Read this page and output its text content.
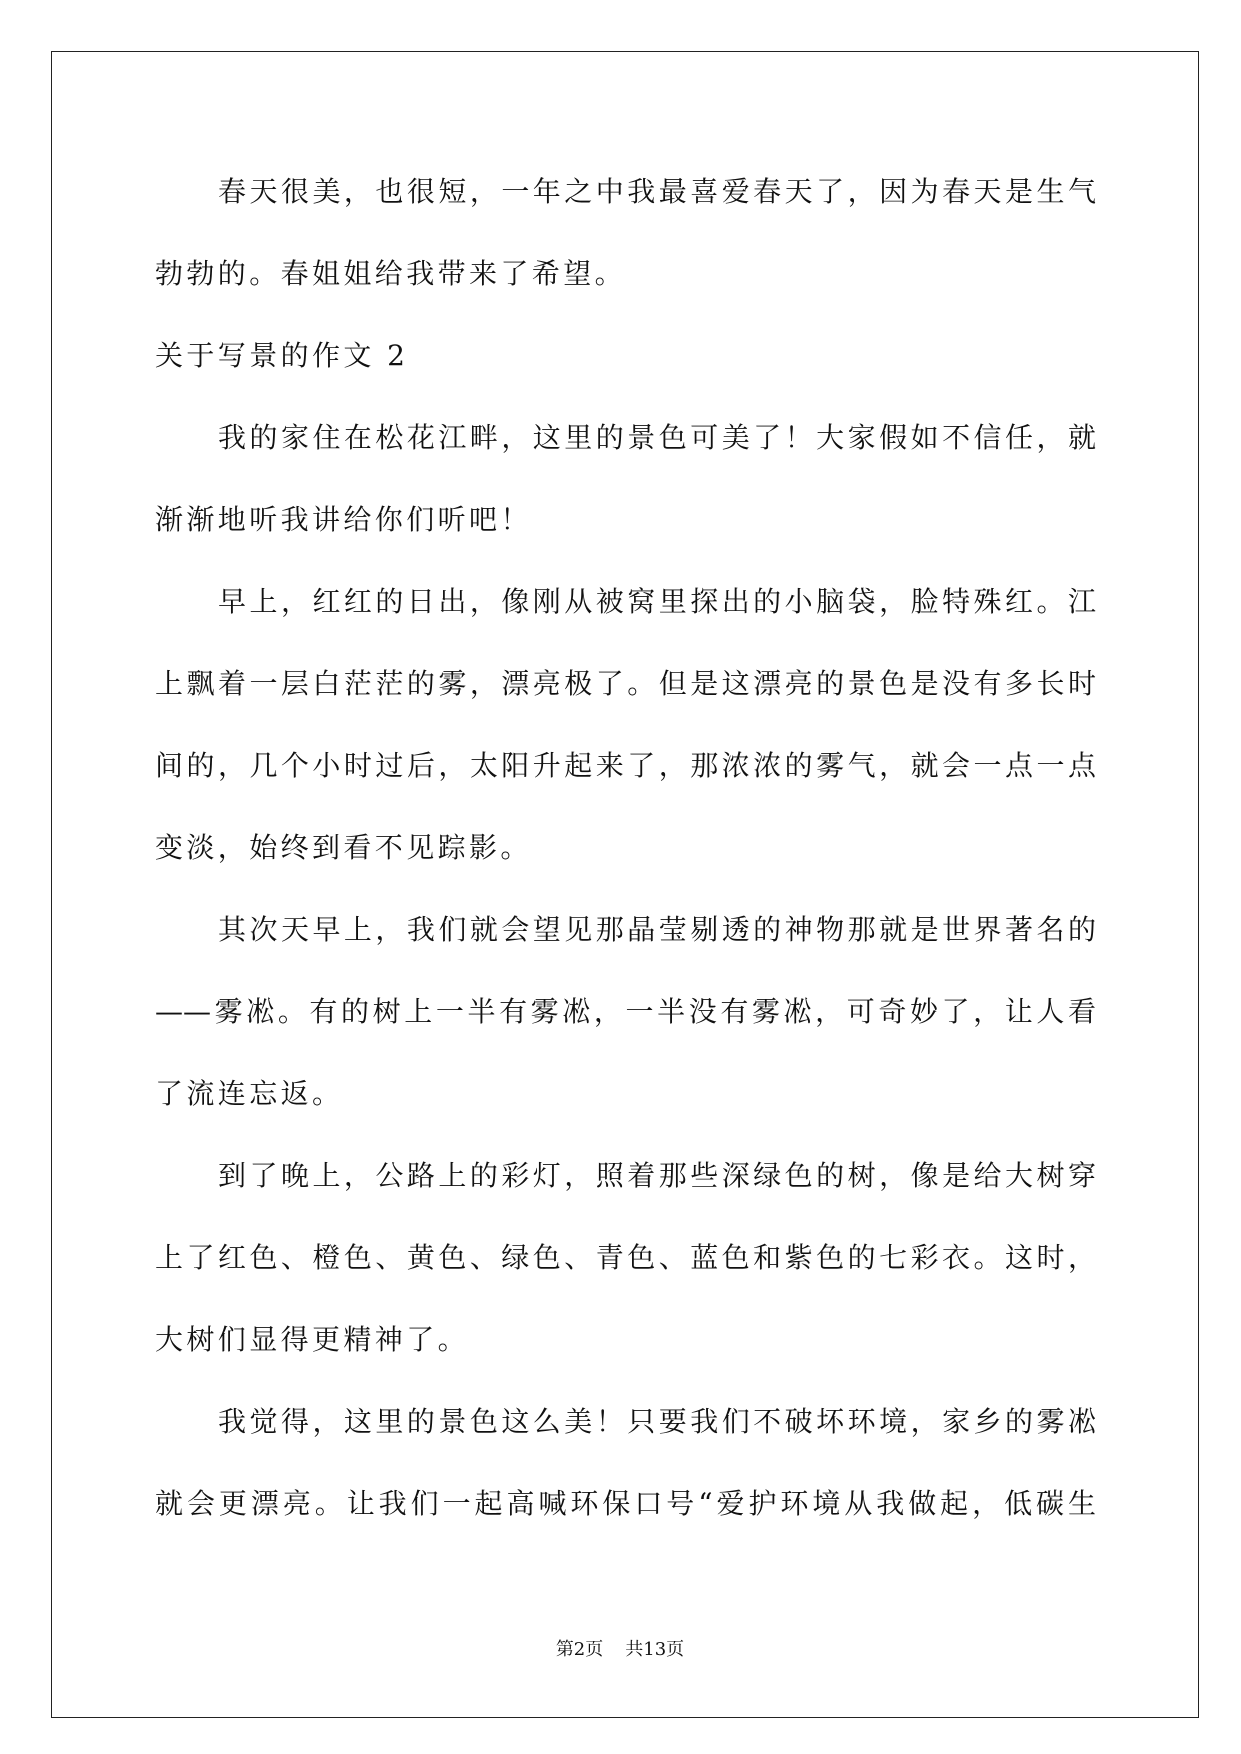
春天很美，也很短，一年之中我最喜爱春天了，因为春天是生气
勃勃的。春姐姐给我带来了希望。
关于写景的作文 2
我的家住在松花江畔，这里的景色可美了！大家假如不信任，就
渐渐地听我讲给你们听吧！
早上，红红的日出，像刚从被窝里探出的小脑袋，脸特殊红。江
上飘着一层白茫茫的雾，漂亮极了。但是这漂亮的景色是没有多长时
间的，几个小时过后，太阳升起来了，那浓浓的雾气，就会一点一点
变淡，始终到看不见踪影。
其次天早上，我们就会望见那晶莹剔透的神物那就是世界著名的
——雾凇。有的树上一半有雾凇，一半没有雾凇，可奇妙了，让人看
了流连忘返。
到了晚上，公路上的彩灯，照着那些深绿色的树，像是给大树穿
上了红色、橙色、黄色、绿色、青色、蓝色和紫色的七彩衣。这时，
大树们显得更精神了。
我觉得，这里的景色这么美！只要我们不破坏环境，家乡的雾凇
就会更漂亮。让我们一起高喊环保口号“爱护环境从我做起，低碳生
第2页 共13页
